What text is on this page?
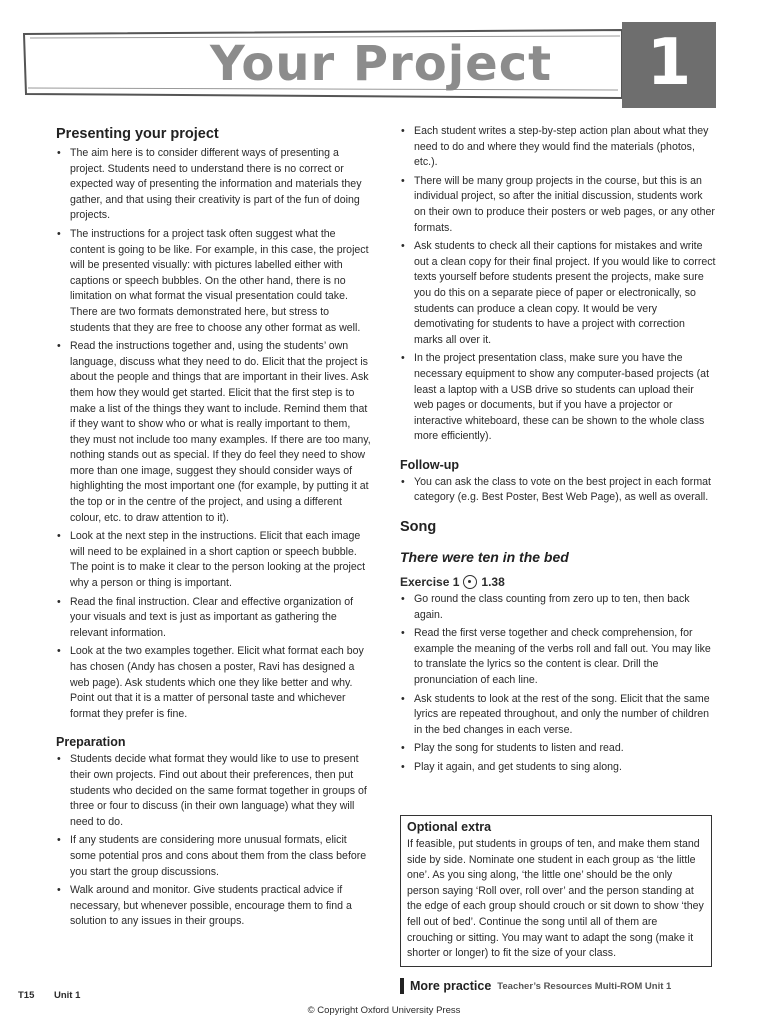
Your Project	1
Presenting your project
• The aim here is to consider different ways of presenting a project. Students need to understand there is no correct or expected way of presenting the information and materials they gather, and that using their creativity is part of the fun of doing projects.
• The instructions for a project task often suggest what the content is going to be like. For example, in this case, the project will be presented visually: with pictures labelled either with captions or speech bubbles. On the other hand, there is no limitation on what format the visual presentation could take. There are two formats demonstrated here, but stress to students that they are free to choose any other format as well.
• Read the instructions together and, using the students’ own language, discuss what they need to do. Elicit that the project is about the people and things that are important in their lives. Ask them how they would get started. Elicit that the first step is to make a list of the things they want to include. Remind them that if they want to show who or what is really important to them, they must not include too many examples. If there are too many, nothing stands out as special. If they do feel they need to show more than one image, suggest they should consider ways of highlighting the most important one (for example, by putting it at the top or in the centre of the project, and using a different colour, etc. to draw attention to it).
• Look at the next step in the instructions. Elicit that each image will need to be explained in a short caption or speech bubble. The point is to make it clear to the person looking at the project why a person or thing is important.
• Read the final instruction. Clear and effective organization of your visuals and text is just as important as gathering the relevant information.
• Look at the two examples together. Elicit what format each boy has chosen (Andy has chosen a poster, Ravi has designed a web page). Ask students which one they like better and why. Point out that it is a matter of personal taste and whichever format they prefer is fine.
Preparation
• Students decide what format they would like to use to present their own projects. Find out about their preferences, then put students who decided on the same format together in groups of three or four to discuss (in their own language) what they will need to do.
• If any students are considering more unusual formats, elicit some potential pros and cons about them from the class before you start the group discussions.
• Walk around and monitor. Give students practical advice if necessary, but whenever possible, encourage them to find a solution to any issues in their groups.
• Each student writes a step-by-step action plan about what they need to do and where they would find the materials (photos, etc.).
• There will be many group projects in the course, but this is an individual project, so after the initial discussion, students work on their own to produce their posters or web pages, or any other formats.
• Ask students to check all their captions for mistakes and write out a clean copy for their final project. If you would like to correct texts yourself before students present the projects, make sure you do this on a separate piece of paper or electronically, so students can produce a clean copy. It would be very demotivating for students to have a project with correction marks all over it.
• In the project presentation class, make sure you have the necessary equipment to show any computer-based projects (at least a laptop with a USB drive so students can upload their web pages or documents, but if you have a projector or interactive whiteboard, these can be shown to the whole class more efficiently).
Follow-up
• You can ask the class to vote on the best project in each format category (e.g. Best Poster, Best Web Page), as well as overall.
Song
There were ten in the bed
Exercise 1 1.38
• Go round the class counting from zero up to ten, then back again.
• Read the first verse together and check comprehension, for example the meaning of the verbs roll and fall out. You may like to translate the lyrics so the content is clear. Drill the pronunciation of each line.
• Ask students to look at the rest of the song. Elicit that the same lyrics are repeated throughout, and only the number of children in the bed changes in each verse.
• Play the song for students to listen and read.
• Play it again, and get students to sing along.
Optional extra

If feasible, put students in groups of ten, and make them stand side by side. Nominate one student in each group as ‘the little one’. As you sing along, ‘the little one’ should be the only person saying ‘Roll over, roll over’ and the person standing at the edge of each group should crouch or sit down to show ‘they fell out of bed’. Continue the song until all of them are crouching or sitting. You may want to adapt the song (make it shorter or longer) to fit the size of your class.

More practice Teacher’s Resources Multi-ROM Unit 1
T15 Unit 1
© Copyright Oxford University Press
